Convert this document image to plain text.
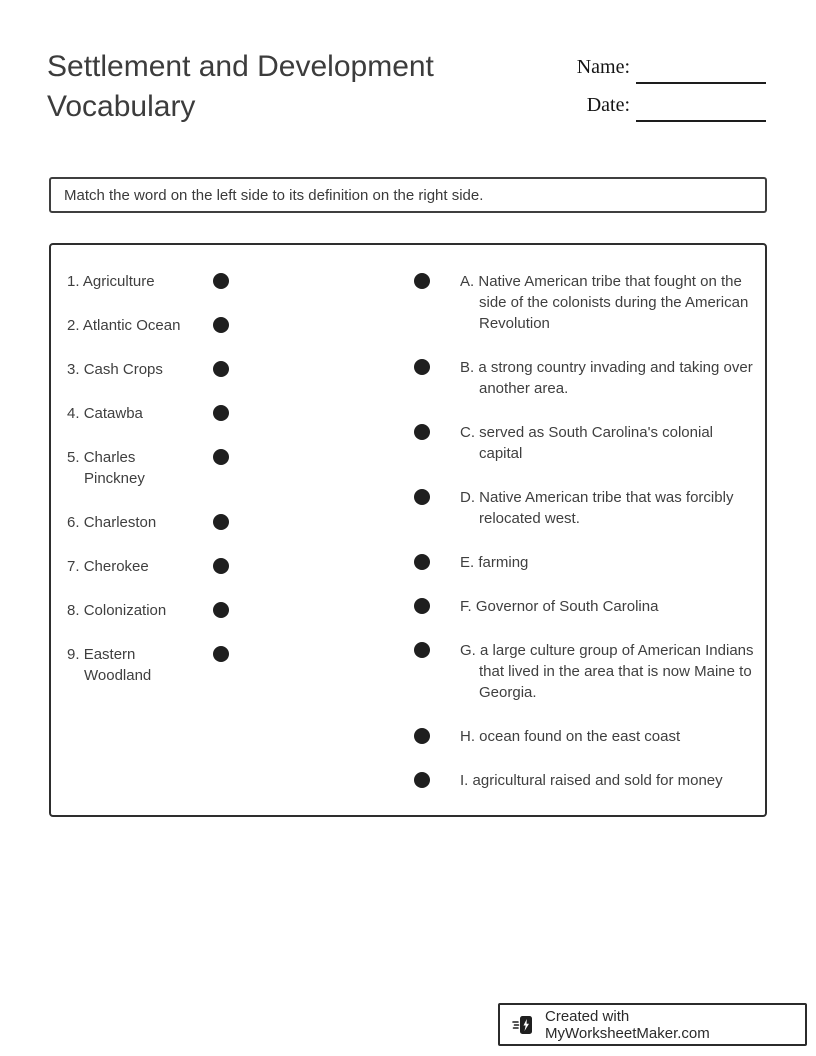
Settlement and Development Vocabulary
Name:
Date:
Match the word on the left side to its definition on the right side.
1. Agriculture
2. Atlantic Ocean
3. Cash Crops
4. Catawba
5. Charles Pinckney
6. Charleston
7. Cherokee
8. Colonization
9. Eastern Woodland
A. Native American tribe that fought on the side of the colonists during the American Revolution
B. a strong country invading and taking over another area.
C. served as South Carolina's colonial capital
D. Native American tribe that was forcibly relocated west.
E. farming
F. Governor of South Carolina
G. a large culture group of American Indians that lived in the area that is now Maine to Georgia.
H. ocean found on the east coast
I. agricultural raised and sold for money
Created with MyWorksheetMaker.com
